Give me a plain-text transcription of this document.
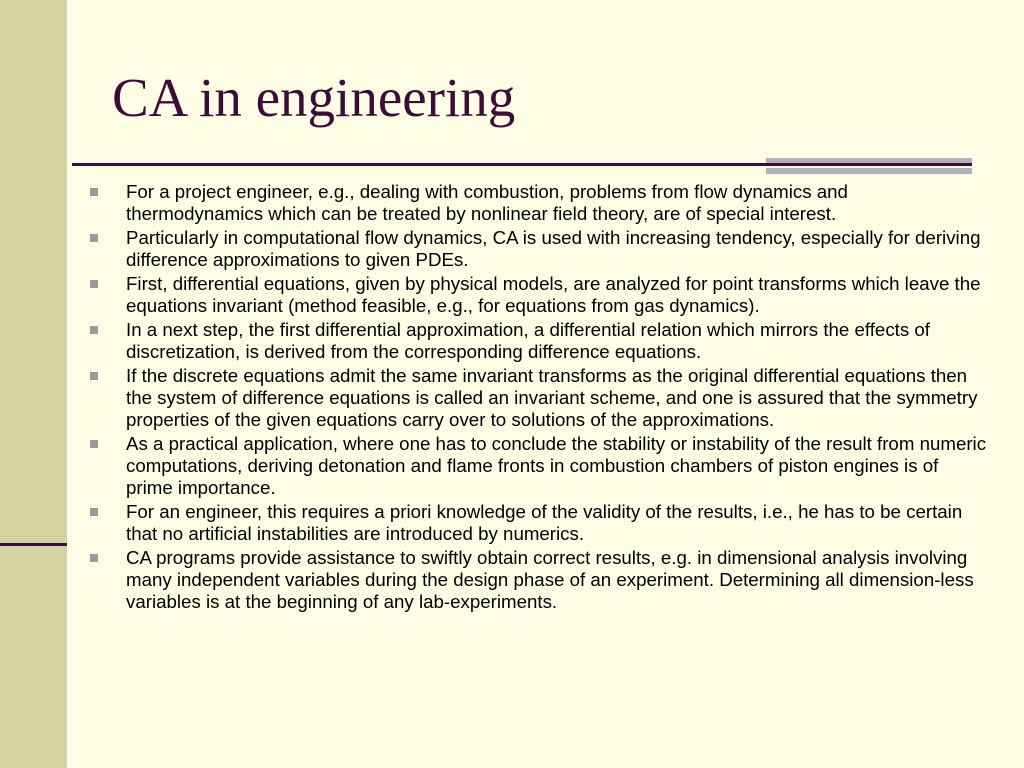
CA in engineering
For a project engineer, e.g., dealing with combustion, problems from flow dynamics and thermodynamics which can be treated by nonlinear field theory, are of special interest.
Particularly in computational flow dynamics, CA is used with increasing tendency, especially for deriving difference approximations to given PDEs.
First, differential equations, given by physical models, are analyzed for point transforms which leave the equations invariant (method feasible, e.g., for equations from gas dynamics).
In a next step, the first differential approximation, a differential relation which mirrors the effects of discretization, is derived from the corresponding difference equations.
If the discrete equations admit the same invariant transforms as the original differential equations then the system of difference equations is called an invariant scheme, and one is assured that the symmetry properties of the given equations carry over to solutions of the approximations.
As a practical application, where one has to conclude the stability or instability of the result from numeric computations, deriving detonation and flame fronts in combustion chambers of piston engines is of prime importance.
For an engineer, this requires a priori knowledge of the validity of the results, i.e., he has to be certain that no artificial instabilities are introduced by numerics.
CA programs provide assistance to swiftly obtain correct results, e.g. in dimensional analysis involving many independent variables during the design phase of an experiment. Determining all dimension-less variables is at the beginning of any lab-experiments.
